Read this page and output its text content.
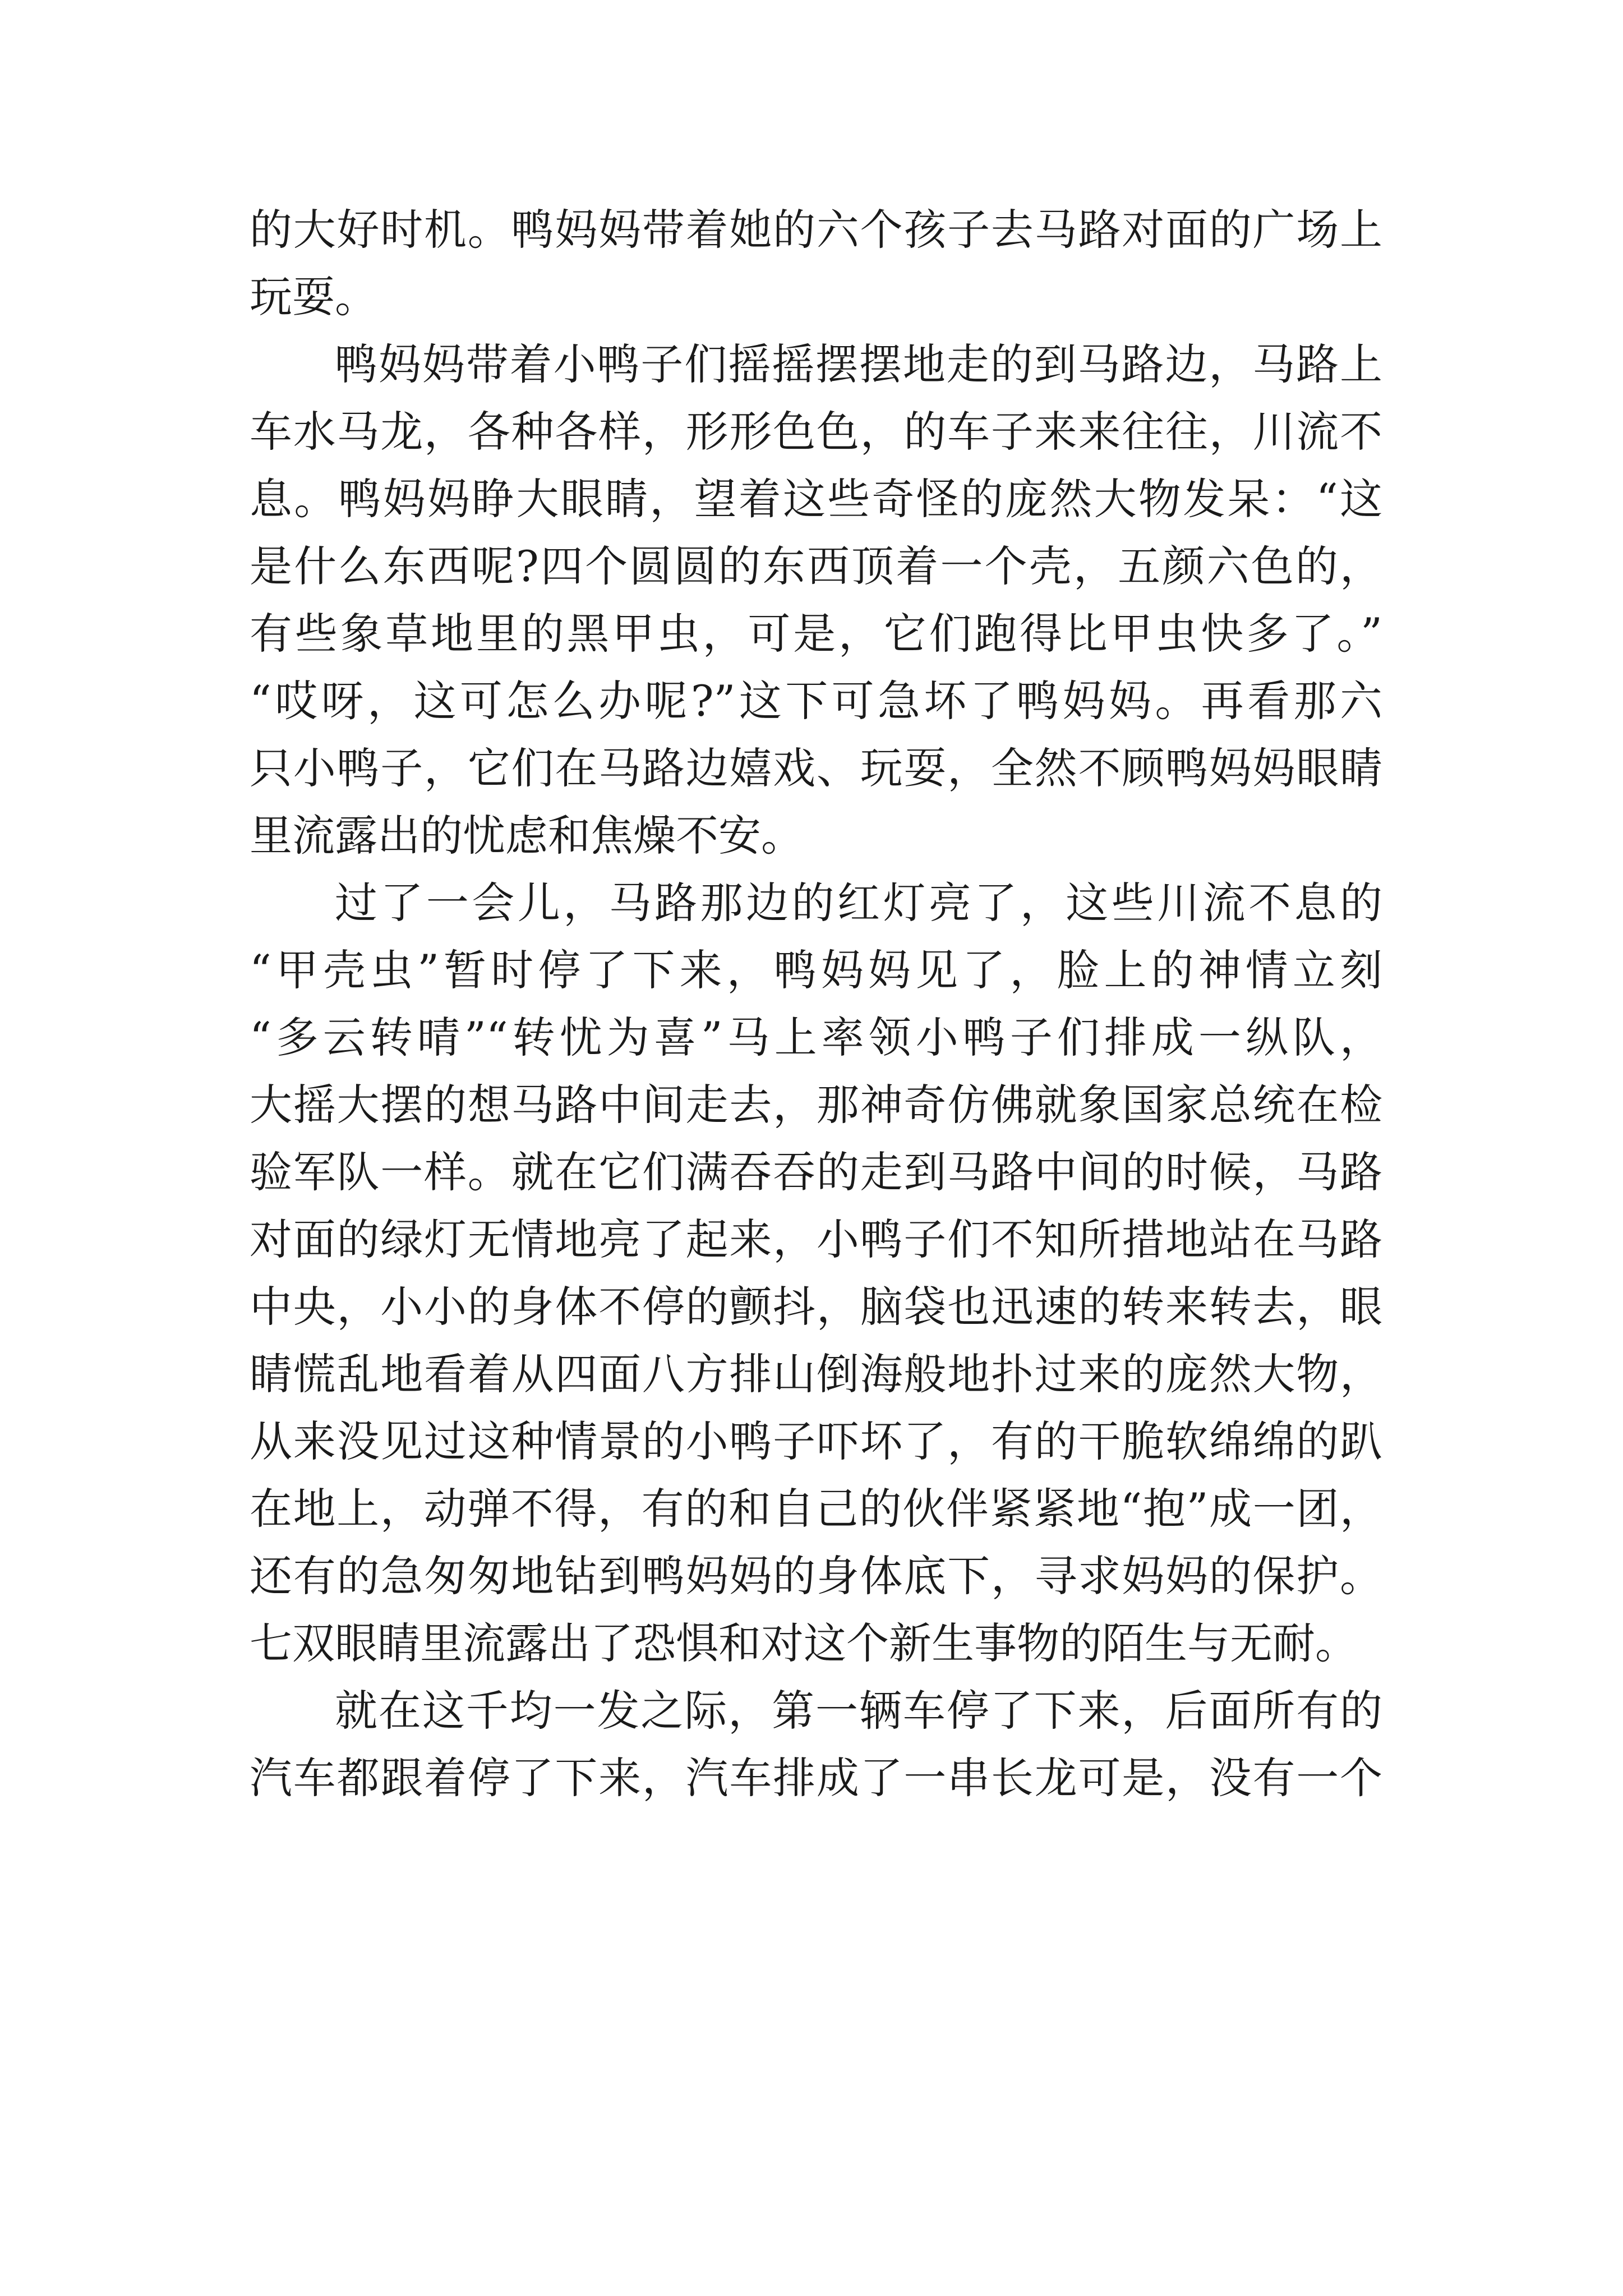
的大好时机。鸭妈妈带着她的六个孩子去马路对面的广场上
玩耍。
鸭妈妈带着小鸭子们摇摇摆摆地走的到马路边，马路上
车水马龙，各种各样，形形色色，的车子来来往往，川流不
息。鸭妈妈睁大眼睛，望着这些奇怪的庞然大物发呆：“这
是什么东西呢?四个圆圆的东西顶着一个壳，五颜六色的，
有些象草地里的黑甲虫，可是，它们跑得比甲虫快多了。”
“哎呀，这可怎么办呢?”这下可急坏了鸭妈妈。再看那六
只小鸭子，它们在马路边嬉戏、玩耍，全然不顾鸭妈妈眼睛
里流露出的忧虑和焦燥不安。
过了一会儿，马路那边的红灯亮了，这些川流不息的
“甲壳虫”暂时停了下来，鸭妈妈见了，脸上的神情立刻
“多云转晴”“转忧为喜”马上率领小鸭子们排成一纵队，
大摇大摆的想马路中间走去，那神奇仿佛就象国家总统在检
验军队一样。就在它们满吞吞的走到马路中间的时候，马路
对面的绿灯无情地亮了起来，小鸭子们不知所措地站在马路
中央，小小的身体不停的颤抖，脑袋也迅速的转来转去，眼
睛慌乱地看着从四面八方排山倒海般地扑过来的庞然大物，
从来没见过这种情景的小鸭子吓坏了，有的干脆软绵绵的趴
在地上，动弹不得，有的和自己的伙伴紧紧地“抱”成一团，
还有的急匆匆地钻到鸭妈妈的身体底下，寻求妈妈的保护。
七双眼睛里流露出了恐惧和对这个新生事物的陌生与无耐。
就在这千均一发之际，第一辆车停了下来，后面所有的
汽车都跟着停了下来，汽车排成了一串长龙可是，没有一个
